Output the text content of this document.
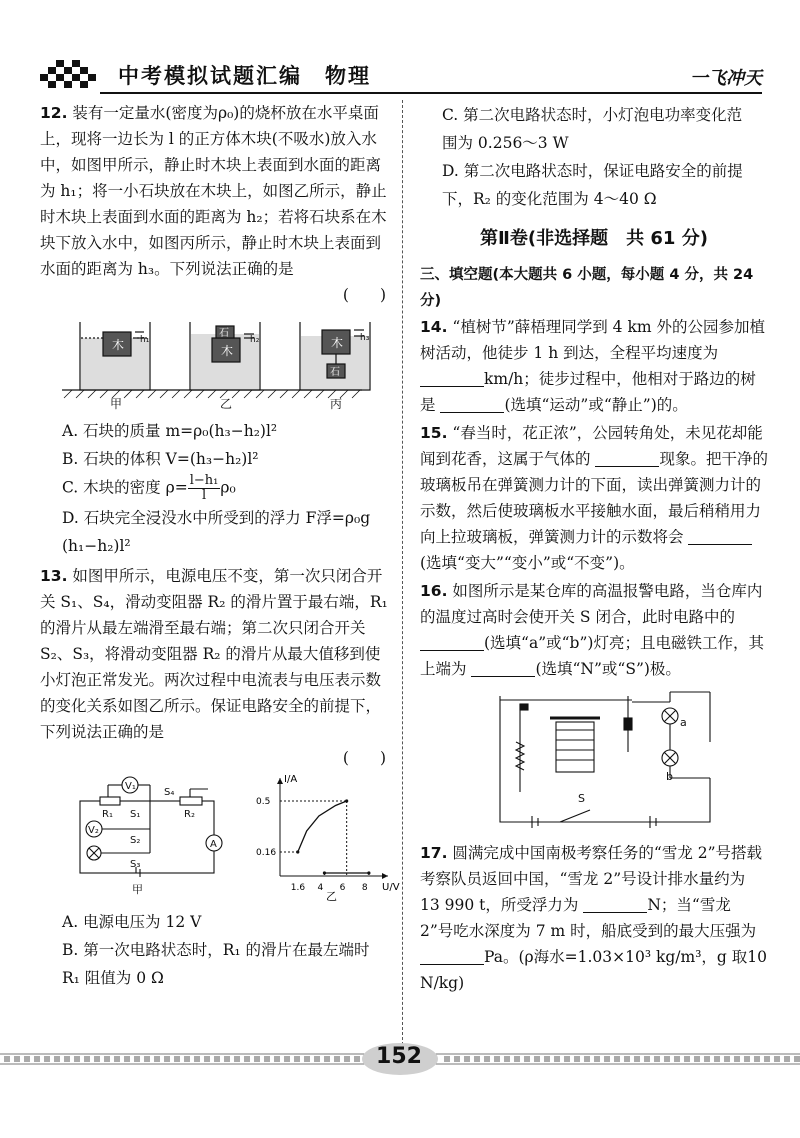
中考模拟试题汇编　物理	一飞冲天
12. 装有一定量水(密度为ρ₀)的烧杯放在水平桌面上，现将一边长为 l 的正方体木块(不吸水)放入水中，如图甲所示，静止时木块上表面到水面的距离为 h₁；将一小石块放在木块上，如图乙所示，静止时木块上表面到水面的距离为 h₂；若将石块系在木块下放入水中，如图丙所示，静止时木块上表面到水面的距离为 h₃。下列说法正确的是
(　　)
木	木
石
木
石
h₁	h₂	h₃
甲	乙	丙
A. 石块的质量 m=ρ₀(h₃−h₂)l²
B. 石块的体积 V=(h₃−h₂)l²
C. 木块的密度 $\rho= \frac{\text{l−h₁}}{l} \rho_0$
D. 石块完全浸没水中所受到的浮力 F浮=ρ₀g
(h₁−h₂)l²
13. 如图甲所示，电源电压不变，第一次只闭合开关 S₁、S₄，滑动变阻器 R₂ 的滑片置于最右端，R₁ 的滑片从最左端滑至最右端；第二次只闭合开关 S₂、S₃，将滑动变阻器 R₂ 的滑片从最大值移到使小灯泡正常发光。两次过程中电流表与电压表示数的变化关系如图乙所示。保证电路安全的前提下，下列说法正确的是
(　　)
V₁
V₂
A
R₁	R₂
S₁
S₂
S₃
S₄
甲	U/V
I/A
1.6 4 6 8
0.16
0.5
乙
A. 电源电压为 12 V
B. 第一次电路状态时，R₁ 的滑片在最左端时
R₁ 阻值为 0 Ω
C. 第二次电路状态时，小灯泡电功率变化范
围为 0.256～3 W
D. 第二次电路状态时，保证电路安全的前提
下，R₂ 的变化范围为 4～40 Ω
第Ⅱ卷(非选择题　共 61 分)
三、填空题(本大题共 6 小题，每小题 4 分，共 24 分)
14. “植树节”薛梧理同学到 4 km 外的公园参加植树活动，他徒步 1 h 到达，全程平均速度为 km/h；徒步过程中，他相对于路边的树是	(选填“运动”或“静止”)的。
15. “春当时，花正浓”，公园转角处，未见花却能闻到花香，这属于气体的	现象。把干净的玻璃板吊在弹簧测力计的下面，读出弹簧测力计的示数，然后使玻璃板水平接触水面，最后稍稍用力向上拉玻璃板，弹簧测力计的示数将会 (选填“变大”“变小”或“不变”)。
16. 如图所示是某仓库的高温报警电路，当仓库内的温度过高时会使开关 S 闭合，此时电路中的 (选填“a”或“b”)灯亮；且电磁铁工作，其上端为	(选填“N”或“S”)极。
a
b
S
17. 圆满完成中国南极考察任务的“雪龙 2”号搭载考察队员返回中国，“雪龙 2”号设计排水量约为 13 990 t，所受浮力为	N；当“雪龙 2”号吃水深度为 7 m 时，船底受到的最大压强为 Pa。(ρ海水=1.03×10³ kg/m³，g 取10 N/kg)
152
